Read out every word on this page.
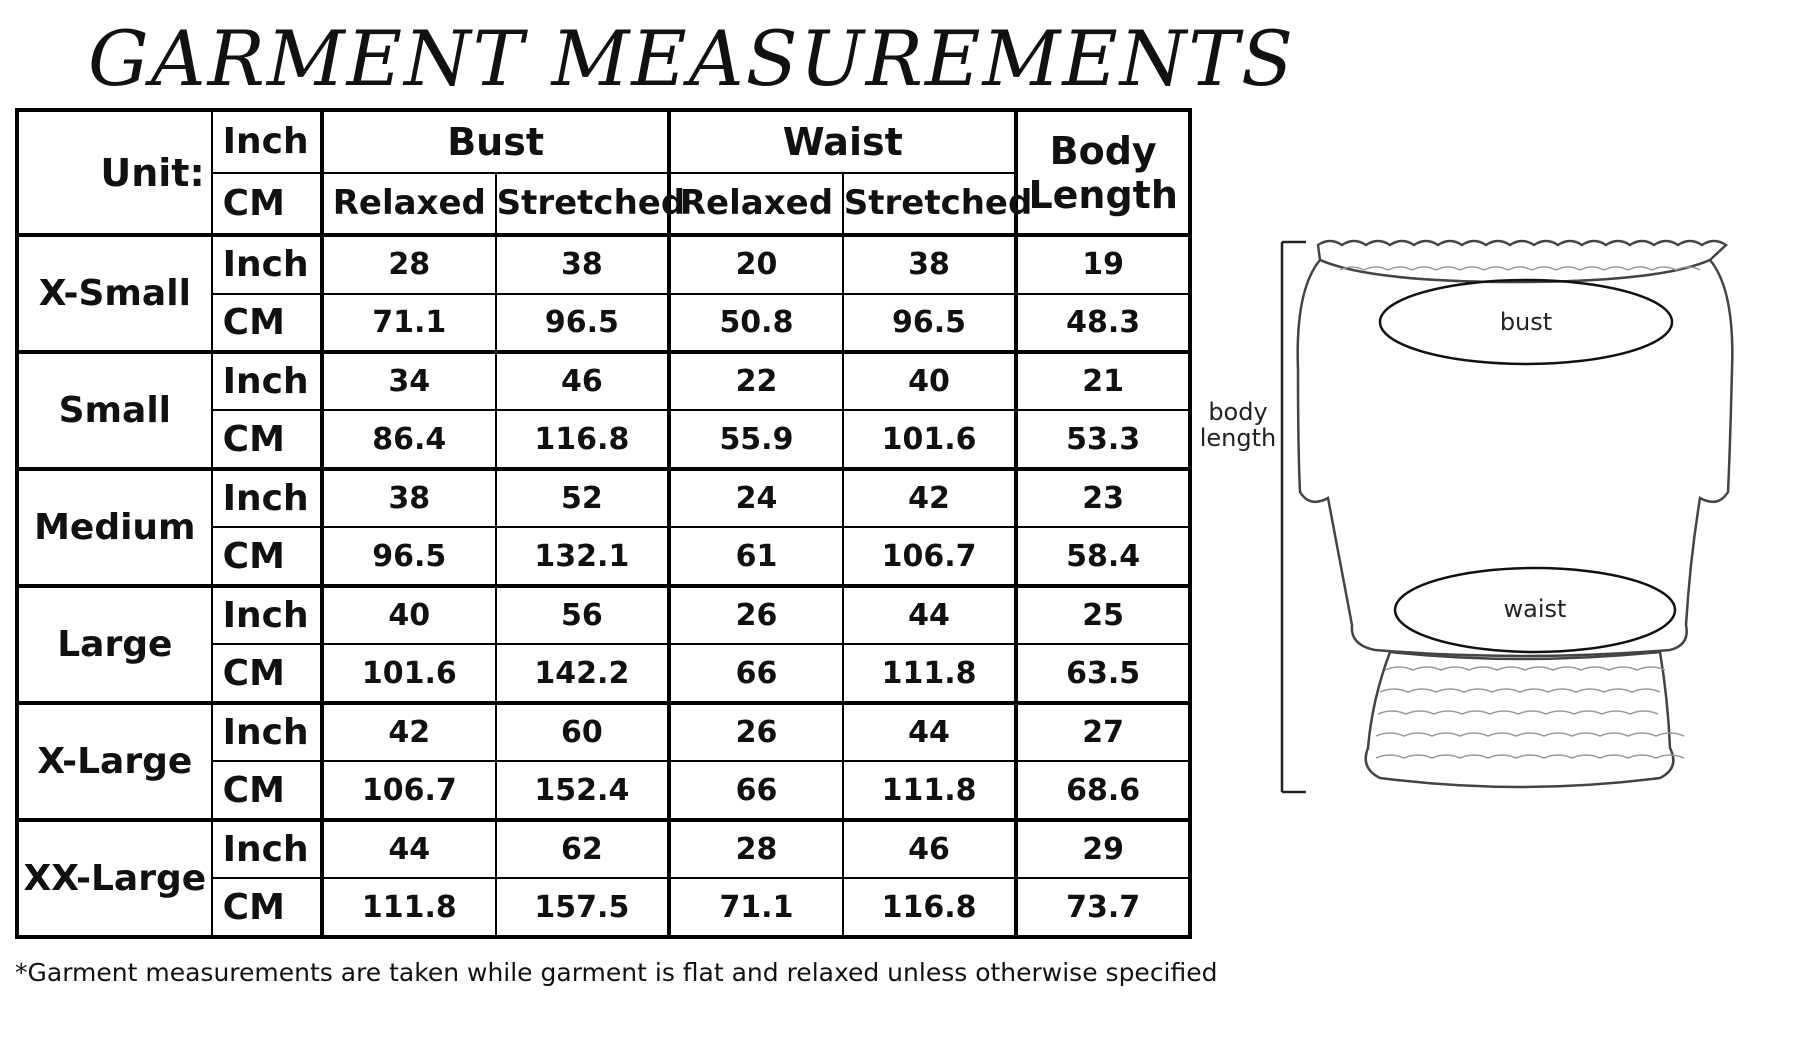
GARMENT MEASUREMENTS
Unit:	Inch	Bust		Waist		Body
Length
	CM	Relaxed	Stretched	Relaxed	Stretched	
X-Small	Inch	28	38	20	38	19
	CM	71.1	96.5	50.8	96.5	48.3
Small	Inch	34	46	22	40	21
	CM	86.4	116.8	55.9	101.6	53.3
Medium	Inch	38	52	24	42	23
	CM	96.5	132.1	61	106.7	58.4
Large	Inch	40	56	26	44	25
	CM	101.6	142.2	66	111.8	63.5
X-Large	Inch	42	60	26	44	27
	CM	106.7	152.4	66	111.8	68.6
XX-Large	Inch	44	62	28	46	29
	CM	111.8	157.5	71.1	116.8	73.7
*Garment measurements are taken while garment is flat and relaxed unless otherwise specified
bust
waist
body
length
